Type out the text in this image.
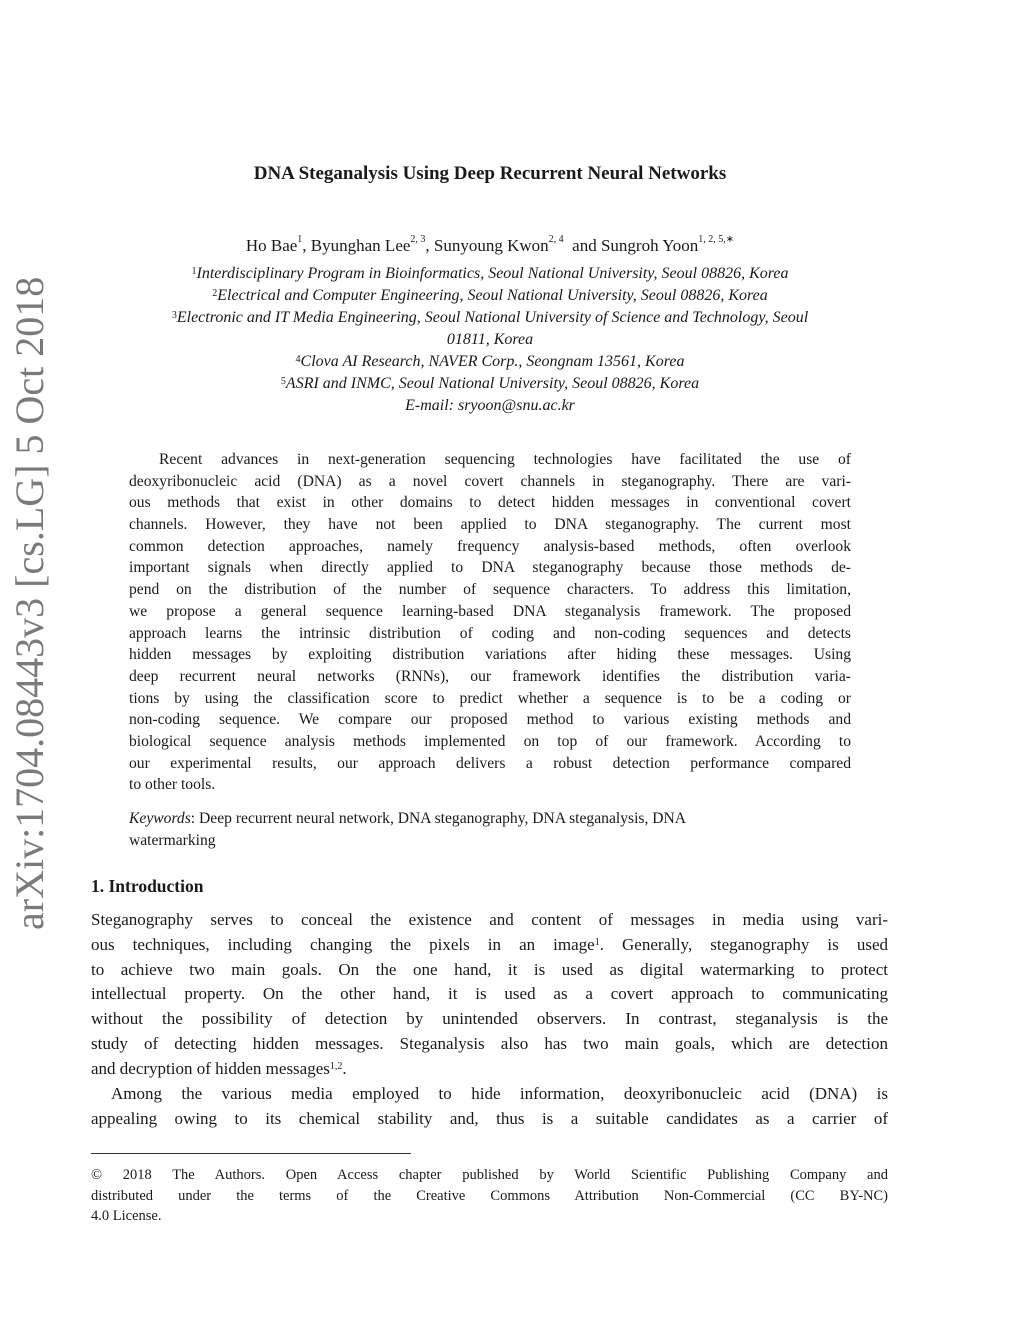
arXiv:1704.08443v3 [cs.LG] 5 Oct 2018
DNA Steganalysis Using Deep Recurrent Neural Networks
Ho Bae$^1$, Byunghan Lee$^{2, 3}$, Sunyoung Kwon$^{2, 4}$  and Sungroh Yoon$^{1, 2, 5,∗}$
$^1$Interdisciplinary Program in Bioinformatics, Seoul National University, Seoul 08826, Korea
$^2$Electrical and Computer Engineering, Seoul National University, Seoul 08826, Korea
$^3$Electronic and IT Media Engineering, Seoul National University of Science and Technology, Seoul
01811, Korea
$^4$Clova AI Research, NAVER Corp., Seongnam 13561, Korea
$^5$ASRI and INMC, Seoul National University, Seoul 08826, Korea
E-mail: sryoon@snu.ac.kr
Recent advances in next-generation sequencing technologies have facilitated the use of
deoxyribonucleic acid (DNA) as a novel covert channels in steganography. There are vari-
ous methods that exist in other domains to detect hidden messages in conventional covert
channels. However, they have not been applied to DNA steganography. The current most
common detection approaches, namely frequency analysis-based methods, often overlook
important signals when directly applied to DNA steganography because those methods de-
pend on the distribution of the number of sequence characters. To address this limitation,
we propose a general sequence learning-based DNA steganalysis framework. The proposed
approach learns the intrinsic distribution of coding and non-coding sequences and detects
hidden messages by exploiting distribution variations after hiding these messages. Using
deep recurrent neural networks (RNNs), our framework identifies the distribution varia-
tions by using the classification score to predict whether a sequence is to be a coding or
non-coding sequence. We compare our proposed method to various existing methods and
biological sequence analysis methods implemented on top of our framework. According to
our experimental results, our approach delivers a robust detection performance compared
to other tools.
Keywords: Deep recurrent neural network, DNA steganography, DNA steganalysis, DNA
watermarking
1. Introduction
Steganography serves to conceal the existence and content of messages in media using vari-
ous techniques, including changing the pixels in an image$^1$. Generally, steganography is used
to achieve two main goals. On the one hand, it is used as digital watermarking to protect
intellectual property. On the other hand, it is used as a covert approach to communicating
without the possibility of detection by unintended observers. In contrast, steganalysis is the
study of detecting hidden messages. Steganalysis also has two main goals, which are detection
and decryption of hidden messages$^{1,2}$.
Among the various media employed to hide information, deoxyribonucleic acid (DNA) is
appealing owing to its chemical stability and, thus is a suitable candidates as a carrier of
© 2018 The Authors. Open Access chapter published by World Scientific Publishing Company and
distributed under the terms of the Creative Commons Attribution Non-Commercial (CC BY-NC)
4.0 License.
